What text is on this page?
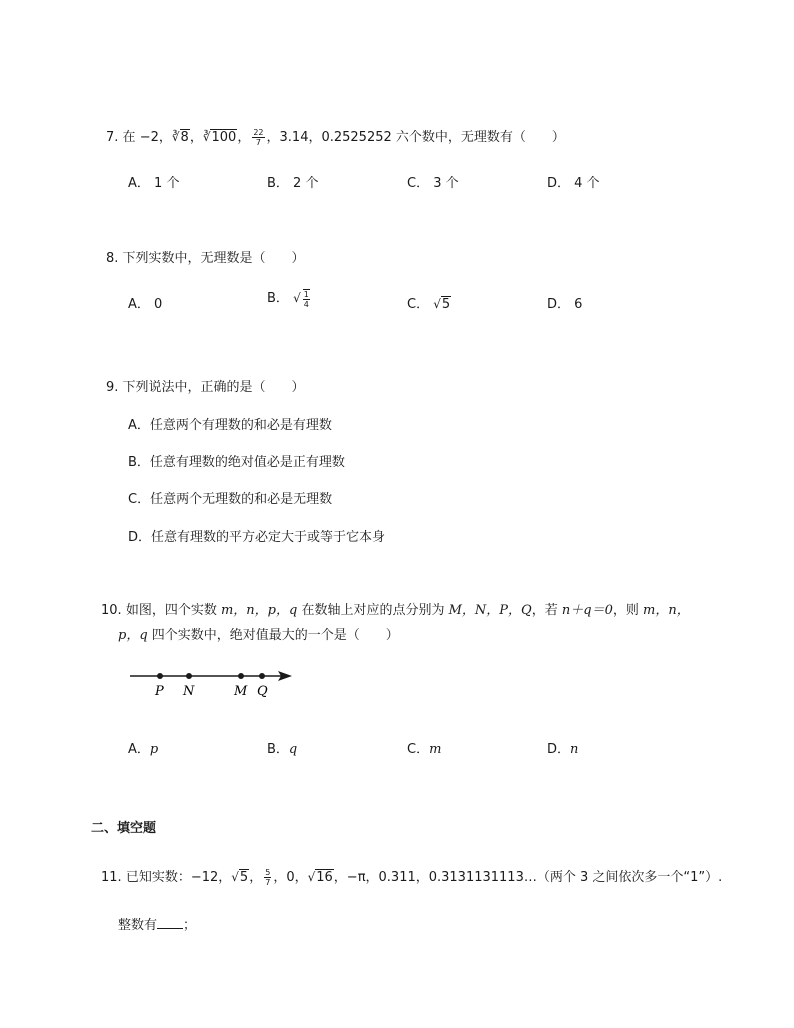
7. 在 −2，∛8，∛100， $\frac{22}{7}$ ，3.14，0.2525252 六个数中，无理数有（　　）
A． 1 个	B． 2 个	C． 3 个	D． 4 个
8. 下列实数中，无理数是（　　）
A． 0	B． √ $\frac{1}{4}$	C． √5	D． 6
9. 下列说法中，正确的是（　　）
A．任意两个有理数的和必是有理数
B．任意有理数的绝对值必是正有理数
C．任意两个无理数的和必是无理数
D．任意有理数的平方必定大于或等于它本身
10. 如图，四个实数 m，n，p，q 在数轴上对应的点分别为 M，N，P，Q，若 n＋q＝0，则 m，n，
p，q 四个实数中，绝对值最大的一个是（　　）
P N	M Q
A．p	B．q	C．m	D．n
二、填空题
11. 已知实数：−12，√5， $\frac{5}{7}$ ，0，√16，−π，0.311，0.3131131113…（两个 3 之间依次多一个“1”）.
整数有 ；
